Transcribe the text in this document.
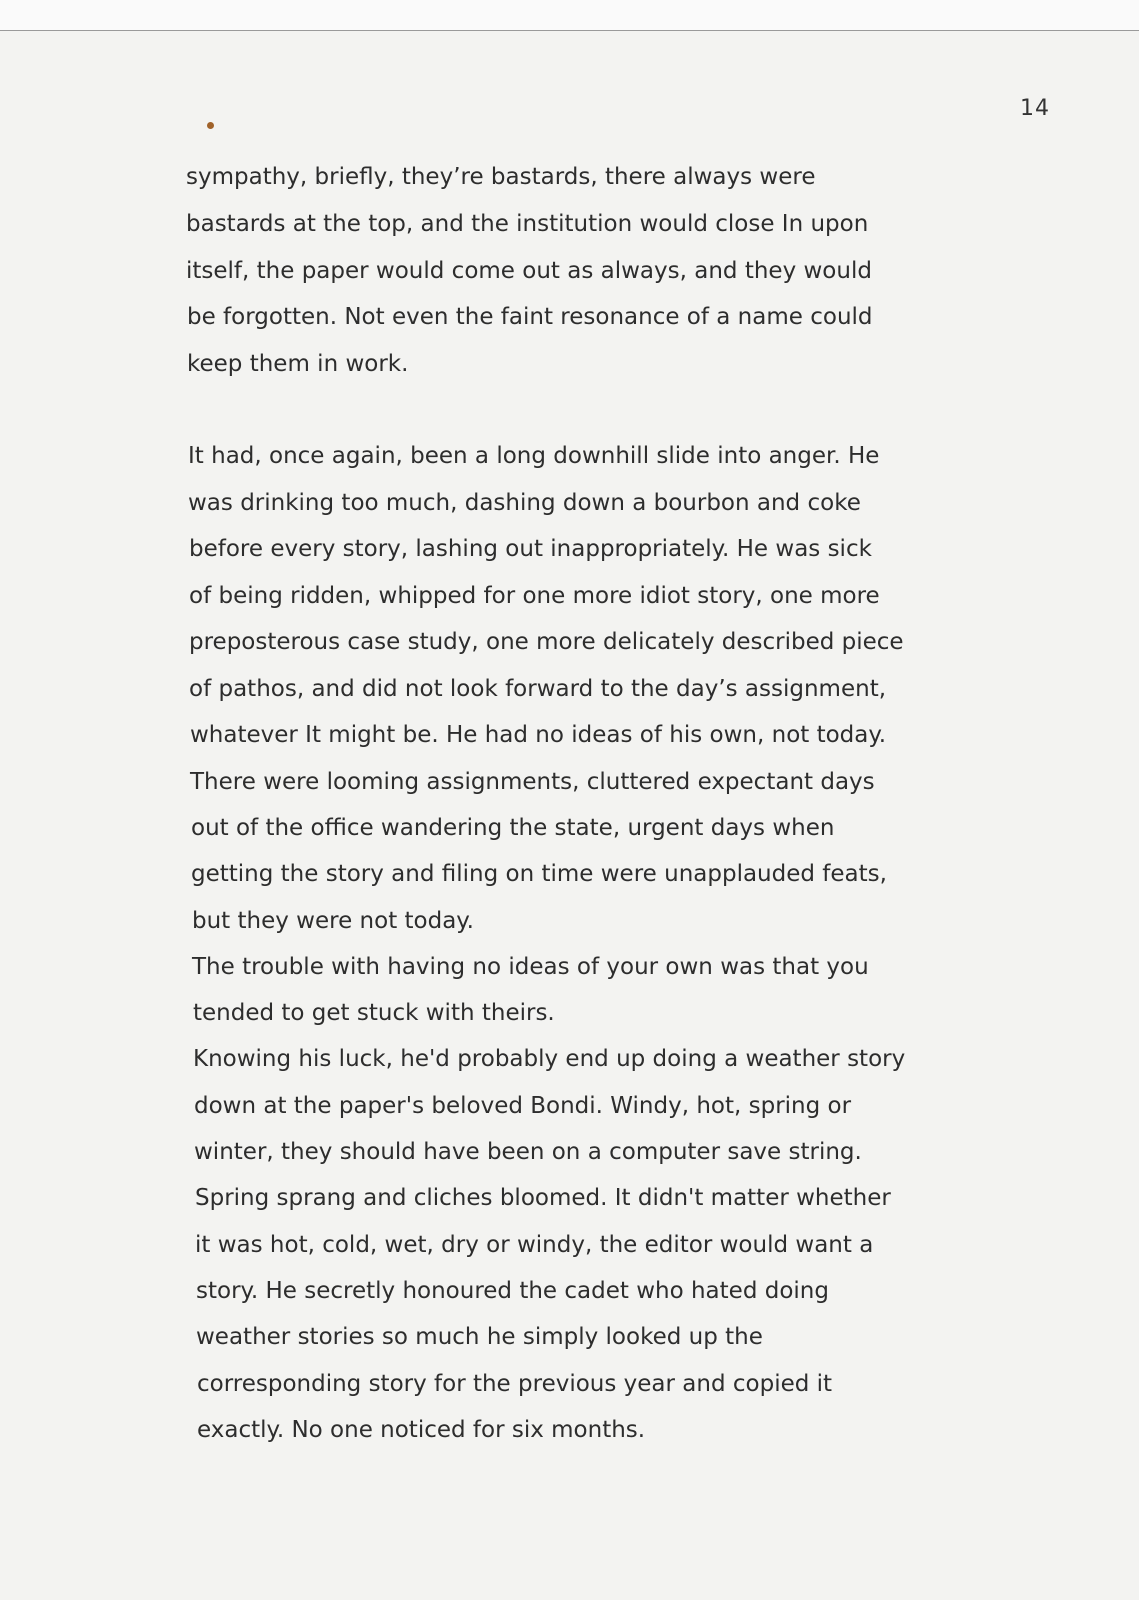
14
sympathy, briefly, they’re bastards, there always were
bastards at the top, and the institution would close In upon
itself, the paper would come out as always, and they would
be forgotten. Not even the faint resonance of a name could
keep them in work.
It had, once again, been a long downhill slide into anger. He
was drinking too much, dashing down a bourbon and coke
before every story, lashing out inappropriately. He was sick
of being ridden, whipped for one more idiot story, one more
preposterous case study, one more delicately described piece
of pathos, and did not look forward to the day’s assignment,
whatever It might be. He had no ideas of his own, not today.
There were looming assignments, cluttered expectant days
out of the office wandering the state, urgent days when
getting the story and filing on time were unapplauded feats,
but they were not today.
The trouble with having no ideas of your own was that you
tended to get stuck with theirs.
Knowing his luck, he'd probably end up doing a weather story
down at the paper's beloved Bondi. Windy, hot, spring or
winter, they should have been on a computer save string.
Spring sprang and cliches bloomed. It didn't matter whether
it was hot, cold, wet, dry or windy, the editor would want a
story. He secretly honoured the cadet who hated doing
weather stories so much he simply looked up the
corresponding story for the previous year and copied it
exactly. No one noticed for six months.
